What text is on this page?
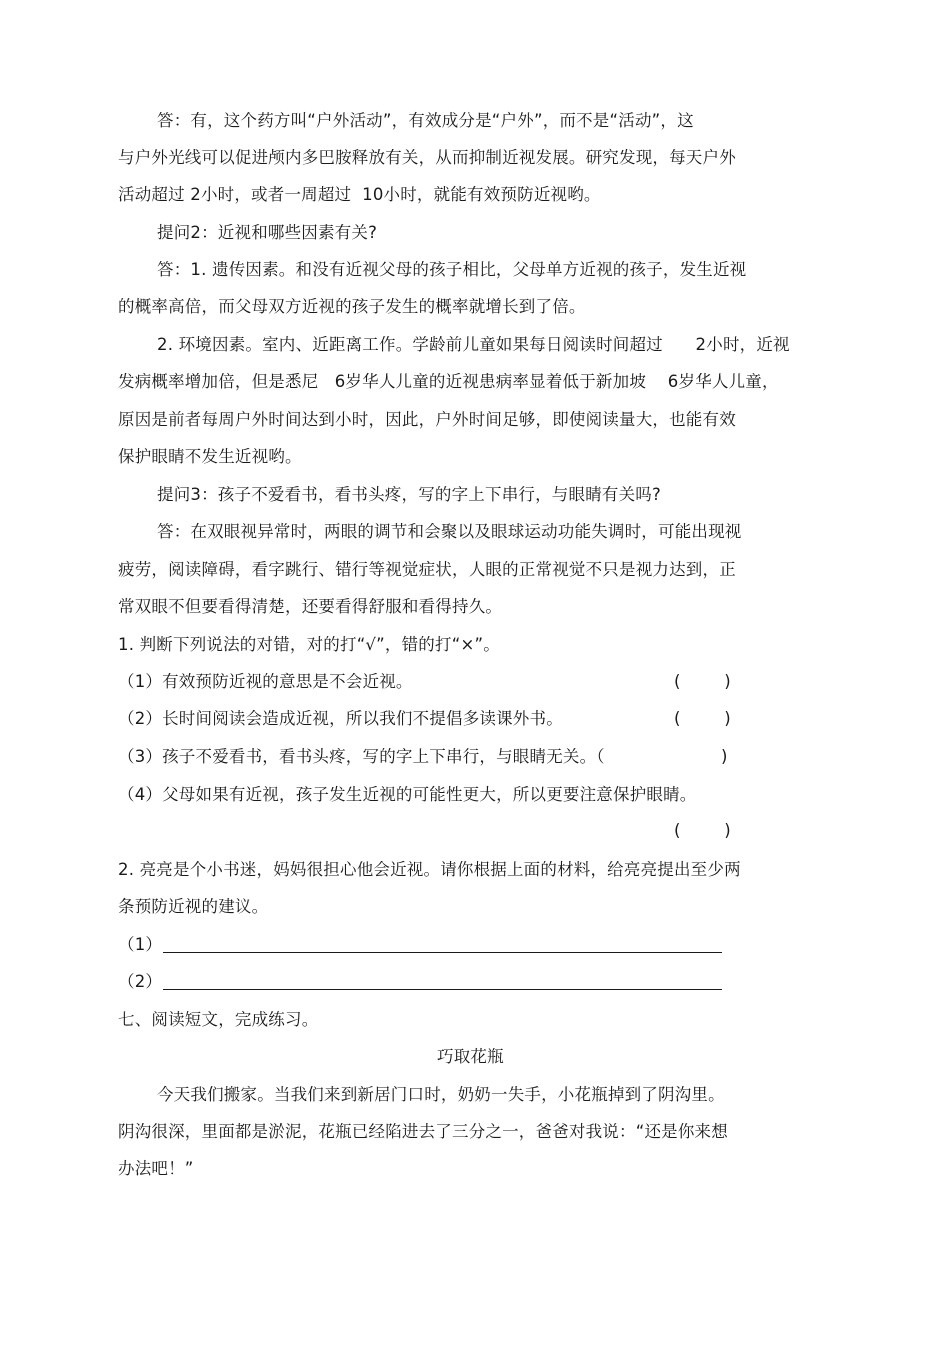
答：有，这个药方叫“户外活动”，有效成分是“户外”，而不是“活动”，这
与户外光线可以促进颅内多巴胺释放有关，从而抑制近视发展。研究发现，每天户外
活动超过 2小时，或者一周超过  10小时，就能有效预防近视哟。
提问2：近视和哪些因素有关?
答：1. 遗传因素。和没有近视父母的孩子相比，父母单方近视的孩子，发生近视
的概率高倍，而父母双方近视的孩子发生的概率就增长到了倍。
2. 环境因素。室内、近距离工作。学龄前儿童如果每日阅读时间超过      2小时，近视
发病概率增加倍，但是悉尼   6岁华人儿童的近视患病率显着低于新加坡    6岁华人儿童，
原因是前者每周户外时间达到小时，因此，户外时间足够，即使阅读量大，也能有效
保护眼睛不发生近视哟。
提问3：孩子不爱看书，看书头疼，写的字上下串行，与眼睛有关吗?
答：在双眼视异常时，两眼的调节和会聚以及眼球运动功能失调时，可能出现视
疲劳，阅读障碍，看字跳行、错行等视觉症状，人眼的正常视觉不只是视力达到，正
常双眼不但要看得清楚，还要看得舒服和看得持久。
1. 判断下列说法的对错，对的打“√”，错的打“×”。
（1）有效预防近视的意思是不会近视。	(        )
（2）长时间阅读会造成近视，所以我们不提倡多读课外书。	(        )
（3）孩子不爱看书，看书头疼，写的字上下串行，与眼睛无关。（	)
（4）父母如果有近视，孩子发生近视的可能性更大，所以更要注意保护眼睛。
(        )
2. 亮亮是个小书迷，妈妈很担心他会近视。请你根据上面的材料，给亮亮提出至少两
条预防近视的建议。
（1）
（2）
七、阅读短文，完成练习。
巧取花瓶
今天我们搬家。当我们来到新居门口时，奶奶一失手，小花瓶掉到了阴沟里。
阴沟很深，里面都是淤泥，花瓶已经陷进去了三分之一，爸爸对我说：“还是你来想
办法吧！”
